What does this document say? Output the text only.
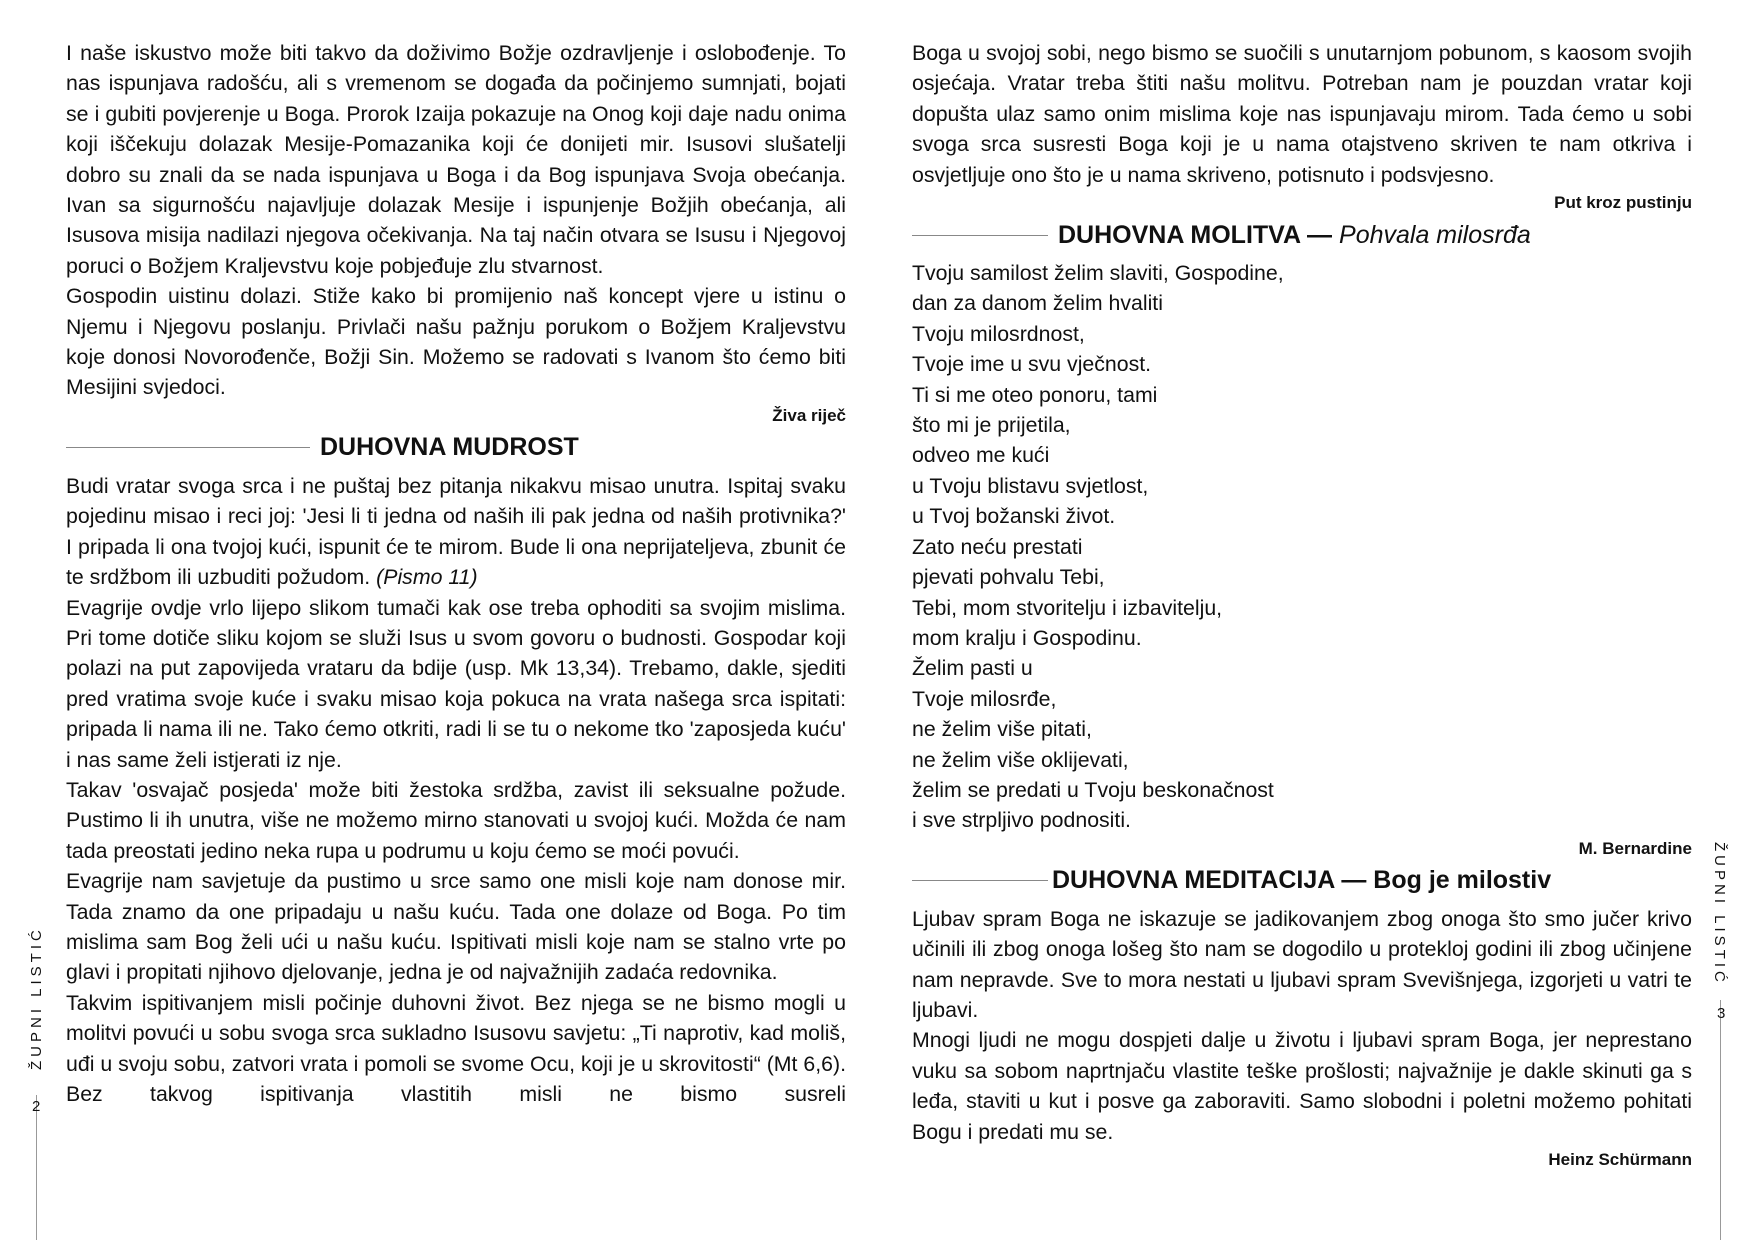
I naše iskustvo može biti takvo da doživimo Božje ozdravljenje i oslobođenje. To nas ispunjava radošću, ali s vremenom se događa da počinjemo sumnjati, bojati se i gubiti povjerenje u Boga. Prorok Izaija pokazuje na Onog koji daje nadu onima koji iščekuju dolazak Mesije-Pomazanika koji će donijeti mir. Isusovi slušatelji dobro su znali da se nada ispunjava u Boga i da Bog ispunjava Svoja obećanja. Ivan sa sigurnošću najavljuje dolazak Mesije i ispunjenje Božjih obećanja, ali Isusova misija nadilazi njegova očekivanja. Na taj način otvara se Isusu i Njegovoj poruci o Božjem Kraljevstvu koje pobjeđuje zlu stvarnost.

Gospodin uistinu dolazi. Stiže kako bi promijenio naš koncept vjere u istinu o Njemu i Njegovu poslanju. Privlači našu pažnju porukom o Božjem Kraljevstvu koje donosi Novorođenče, Božji Sin. Možemo se radovati s Ivanom što ćemo biti Mesijini svjedoci.

Živa riječ
DUHOVNA MUDROST

Budi vratar svoga srca i ne puštaj bez pitanja nikakvu misao unutra. Ispitaj svaku pojedinu misao i reci joj: 'Jesi li ti jedna od naših ili pak jedna od naših protivnika?' I pripada li ona tvojoj kući, ispunit će te mirom. Bude li ona neprijateljeva, zbunit će te srdžbom ili uzbuditi požudom. (Pismo 11)

Evagrije ovdje vrlo lijepo slikom tumači kak ose treba ophoditi sa svojim mislima. Pri tome dotiče sliku kojom se služi Isus u svom govoru o budnosti. Gospodar koji polazi na put zapovijeda vrataru da bdije (usp. Mk 13,34). Trebamo, dakle, sjediti pred vratima svoje kuće i svaku misao koja pokuca na vrata našega srca ispitati: pripada li nama ili ne. Tako ćemo otkriti, radi li se tu o nekome tko 'zaposjeda kuću' i nas same želi istjerati iz nje.

Takav 'osvajač posjeda' može biti žestoka srdžba, zavist ili seksualne požude. Pustimo li ih unutra, više ne možemo mirno stanovati u svojoj kući. Možda će nam tada preostati jedino neka rupa u podrumu u koju ćemo se moći povući.

Evagrije nam savjetuje da pustimo u srce samo one misli koje nam donose mir. Tada znamo da one pripadaju u našu kuću. Tada one dolaze od Boga. Po tim mislima sam Bog želi ući u našu kuću. Ispitivati misli koje nam se stalno vrte po glavi i propitati njihovo djelovanje, jedna je od najvažnijih zadaća redovnika.

Takvim ispitivanjem misli počinje duhovni život. Bez njega se ne bismo mogli u molitvi povući u sobu svoga srca sukladno Isusovu savjetu: „Ti naprotiv, kad moliš, uđi u svoju sobu, zatvori vrata i pomoli se svome Ocu, koji je u skrovitosti“ (Mt 6,6). Bez takvog ispitivanja vlastitih misli ne bismo susreli

Boga u svojoj sobi, nego bismo se suočili s unutarnjom pobunom, s kaosom svojih osjećaja. Vratar treba štiti našu molitvu. Potreban nam je pouzdan vratar koji dopušta ulaz samo onim mislima koje nas ispunjavaju mirom. Tada ćemo u sobi svoga srca susresti Boga koji je u nama otajstveno skriven te nam otkriva i osvjetljuje ono što je u nama skriveno, potisnuto i podsvjesno.

Put kroz pustinju
DUHOVNA MOLITVA — Pohvala milosrđa
Tvoju samilost želim slaviti, Gospodine,
dan za danom želim hvaliti
Tvoju milosrdnost,
Tvoje ime u svu vječnost.
Ti si me oteo ponoru, tami
što mi je prijetila,
odveo me kući
u Tvoju blistavu svjetlost,
u Tvoj božanski život.
Zato neću prestati
pjevati pohvalu Tebi,
Tebi, mom stvoritelju i izbavitelju,
mom kralju i Gospodinu.
Želim pasti u
Tvoje milosrđe,
ne želim više pitati,
ne želim više oklijevati,
želim se predati u Tvoju beskonačnost
i sve strpljivo podnositi.
M. Bernardine
DUHOVNA MEDITACIJA — Bog je milostiv

Ljubav spram Boga ne iskazuje se jadikovanjem zbog onoga što smo jučer krivo učinili ili zbog onoga lošeg što nam se dogodilo u protekloj godini ili zbog učinjene nam nepravde. Sve to mora nestati u ljubavi spram Svevišnjega, izgorjeti u vatri te ljubavi.

Mnogi ljudi ne mogu dospjeti dalje u životu i ljubavi spram Boga, jer neprestano vuku sa sobom naprtnjaču vlastite teške prošlosti; najvažnije je dakle skinuti ga s leđa, staviti u kut i posve ga zaboraviti. Samo slobodni i poletni možemo pohitati Bogu i predati mu se.

Heinz Schürmann
ŽUPNI LISTIĆ
2
ŽUPNI LISTIĆ
3
